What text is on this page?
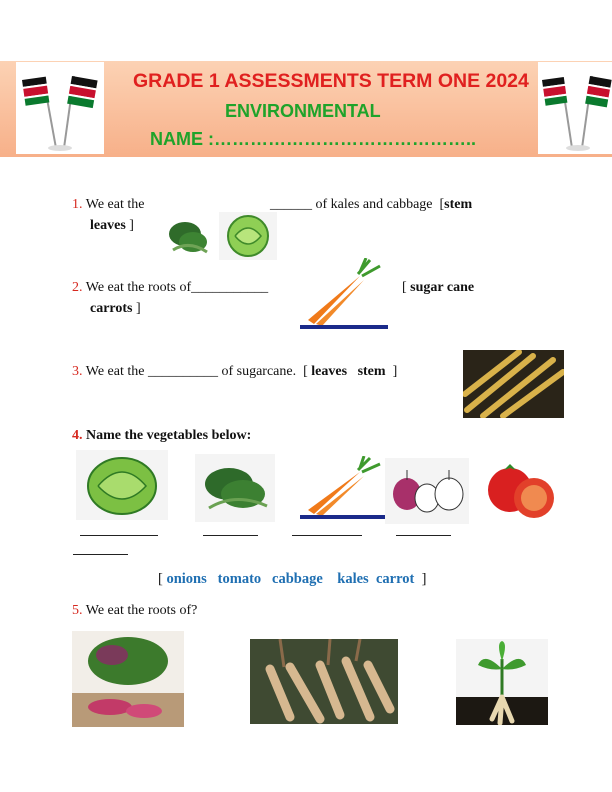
GRADE 1 ASSESSMENTS TERM ONE 2024
ENVIRONMENTAL
NAME :……………………………………..
1. We eat the	______ of kales and cabbage [stem
leaves ]
2. We eat the roots of___________	[ sugar cane
carrots ]
3. We eat the __________ of sugarcane. [ leaves stem ]
4. Name the vegetables below:
[ onions tomato cabbage kales carrot ]
5. We eat the roots of?
